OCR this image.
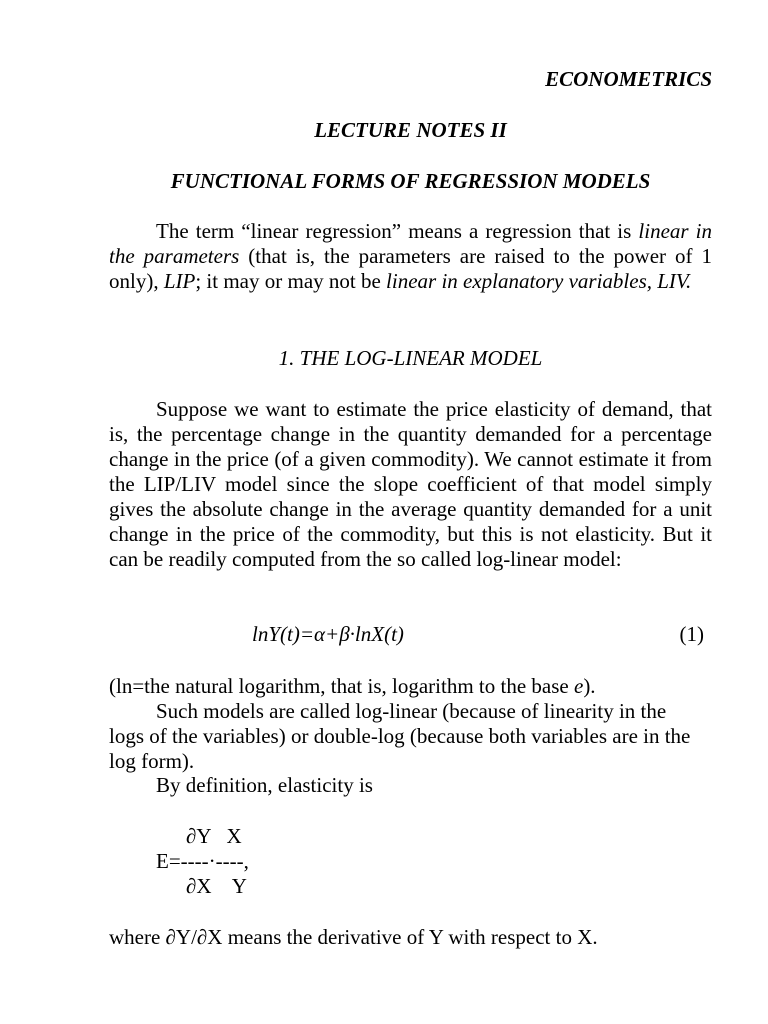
ECONOMETRICS
LECTURE NOTES II
FUNCTIONAL FORMS OF REGRESSION MODELS

The term “linear regression” means a regression that is linear in the parameters (that is, the parameters are raised to the power of 1 only), LIP; it may or may not be linear in explanatory variables, LIV.

1. THE LOG-LINEAR MODEL

Suppose we want to estimate the price elasticity of demand, that is, the percentage change in the quantity demanded for a percentage change in the price (of a given commodity). We cannot estimate it from the LIP/LIV model since the slope coefficient of that model simply gives the absolute change in the average quantity demanded for a unit change in the price of the commodity, but this is not elasticity. But it can be readily computed from the so called log-linear model:

lnY(t)=α+β·lnX(t)	(1)

(ln=the natural logarithm, that is, logarithm to the base e).

Such models are called log-linear (because of linearity in the logs of the variables) or double-log (because both variables are in the log form).

By definition, elasticity is

∂Y   X
E=----·----,
∂X    Y

where ∂Y/∂X means the derivative of Y with respect to X.
